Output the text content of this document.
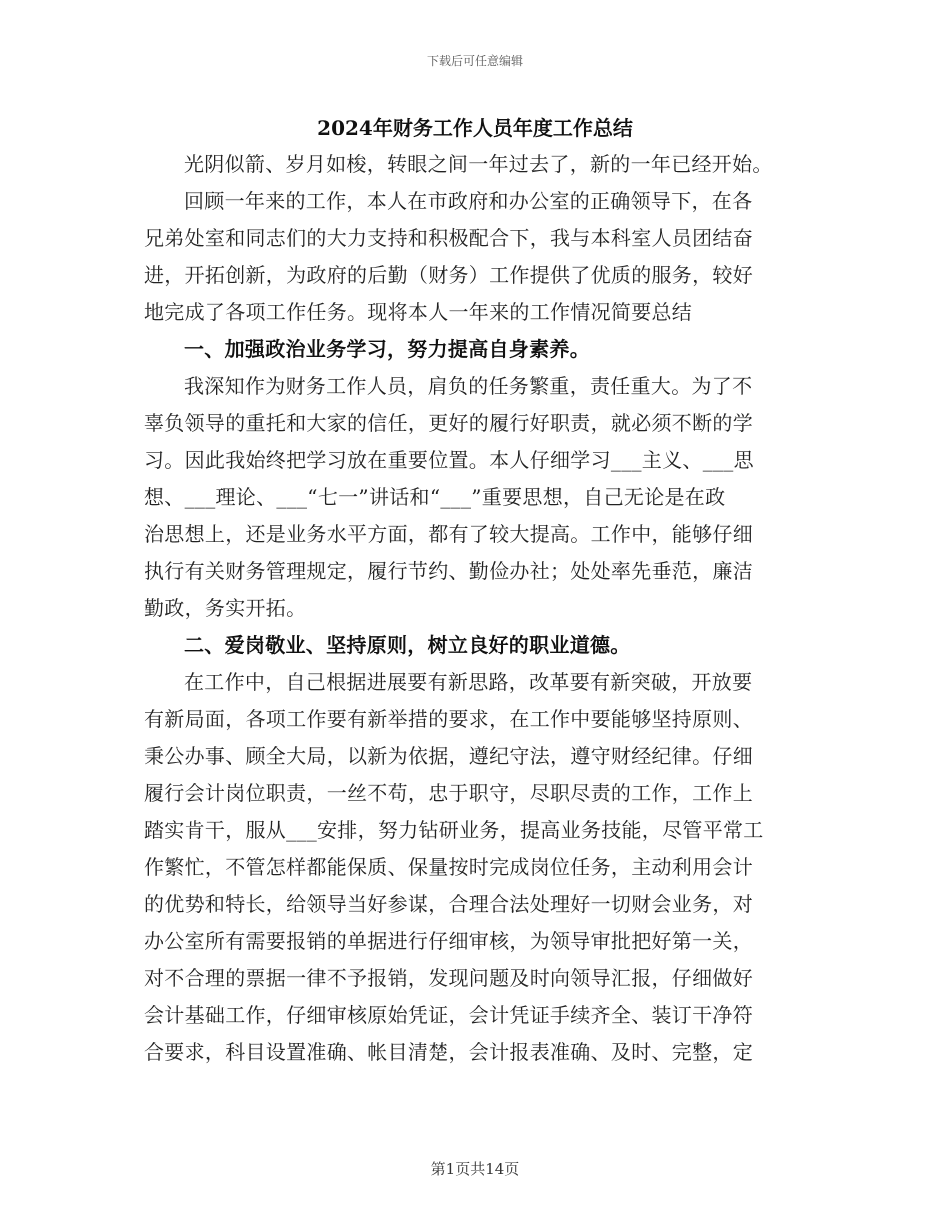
下载后可任意编辑
2024年财务工作人员年度工作总结
光阴似箭、岁月如梭，转眼之间一年过去了，新的一年已经开始。
回顾一年来的工作，本人在市政府和办公室的正确领导下，在各
兄弟处室和同志们的大力支持和积极配合下，我与本科室人员团结奋
进，开拓创新，为政府的后勤（财务）工作提供了优质的服务，较好
地完成了各项工作任务。现将本人一年来的工作情况简要总结
一、加强政治业务学习，努力提高自身素养。
我深知作为财务工作人员，肩负的任务繁重，责任重大。为了不
辜负领导的重托和大家的信任，更好的履行好职责，就必须不断的学
习。因此我始终把学习放在重要位置。本人仔细学习___主义、___思
想、___理论、___“七一”讲话和“___”重要思想，自己无论是在政
治思想上，还是业务水平方面，都有了较大提高。工作中，能够仔细
执行有关财务管理规定，履行节约、勤俭办社；处处率先垂范，廉洁
勤政，务实开拓。
二、爱岗敬业、坚持原则，树立良好的职业道德。
在工作中，自己根据进展要有新思路，改革要有新突破，开放要
有新局面，各项工作要有新举措的要求，在工作中要能够坚持原则、
秉公办事、顾全大局，以新为依据，遵纪守法，遵守财经纪律。仔细
履行会计岗位职责，一丝不苟，忠于职守，尽职尽责的工作，工作上
踏实肯干，服从___安排，努力钻研业务，提高业务技能，尽管平常工
作繁忙，不管怎样都能保质、保量按时完成岗位任务，主动利用会计
的优势和特长，给领导当好参谋，合理合法处理好一切财会业务，对
办公室所有需要报销的单据进行仔细审核，为领导审批把好第一关，
对不合理的票据一律不予报销，发现问题及时向领导汇报，仔细做好
会计基础工作，仔细审核原始凭证，会计凭证手续齐全、装订干净符
合要求，科目设置准确、帐目清楚，会计报表准确、及时、完整，定
第1页共14页
